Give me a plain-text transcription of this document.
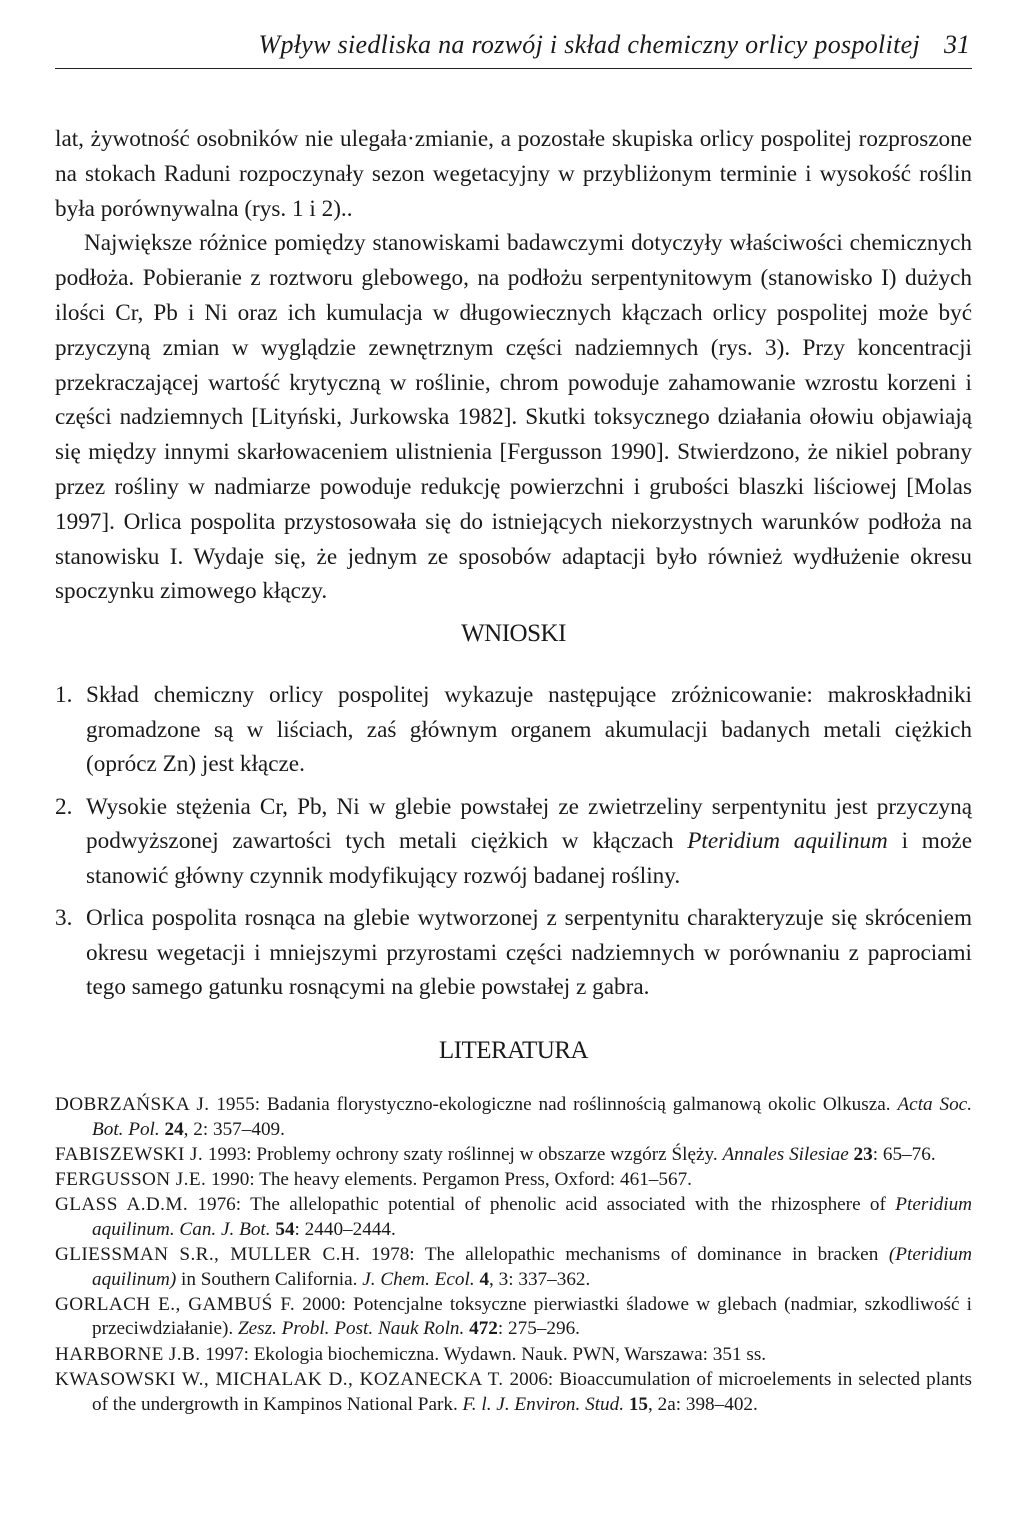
Wpływ siedliska na rozwój i skład chemiczny orlicy pospolitej 31

lat, żywotność osobników nie ulegała·zmianie, a pozostałe skupiska orlicy pospolitej rozproszone na stokach Raduni rozpoczynały sezon wegetacyjny w przybliżonym terminie i wysokość roślin była porównywalna (rys. 1 i 2)..

Największe różnice pomiędzy stanowiskami badawczymi dotyczyły właściwości chemicznych podłoża. Pobieranie z roztworu glebowego, na podłożu serpentynitowym (stanowisko I) dużych ilości Cr, Pb i Ni oraz ich kumulacja w długowiecznych kłączach orlicy pospolitej może być przyczyną zmian w wyglądzie zewnętrznym części nadziemnych (rys. 3). Przy koncentracji przekraczającej wartość krytyczną w roślinie, chrom powoduje zahamowanie wzrostu korzeni i części nadziemnych [Lityński, Jurkowska 1982]. Skutki toksycznego działania ołowiu objawiają się między innymi skarłowaceniem ulistnienia [Fergusson 1990]. Stwierdzono, że nikiel pobrany przez rośliny w nadmiarze powoduje redukcję powierzchni i grubości blaszki liściowej [Molas 1997]. Orlica pospolita przystosowała się do istniejących niekorzystnych warunków podłoża na stanowisku I. Wydaje się, że jednym ze sposobów adaptacji było również wydłużenie okresu spoczynku zimowego kłączy.

WNIOSKI
1. Skład chemiczny orlicy pospolitej wykazuje następujące zróżnicowanie: makroskładniki gromadzone są w liściach, zaś głównym organem akumulacji badanych metali ciężkich (oprócz Zn) jest kłącze.
2. Wysokie stężenia Cr, Pb, Ni w glebie powstałej ze zwietrzeliny serpentynitu jest przyczyną podwyższonej zawartości tych metali ciężkich w kłączach Pteridium aquilinum i może stanowić główny czynnik modyfikujący rozwój badanej rośliny.
3. Orlica pospolita rosnąca na glebie wytworzonej z serpentynitu charakteryzuje się skróceniem okresu wegetacji i mniejszymi przyrostami części nadziemnych w porównaniu z paprociami tego samego gatunku rosnącymi na glebie powstałej z gabra.
LITERATURA
DOBRZAŃSKA J. 1955: Badania florystyczno-ekologiczne nad roślinnością galmanową okolic Olkusza. Acta Soc. Bot. Pol. 24, 2: 357–409.
FABISZEWSKI J. 1993: Problemy ochrony szaty roślinnej w obszarze wzgórz Ślęży. Annales Silesiae 23: 65–76.
FERGUSSON J.E. 1990: The heavy elements. Pergamon Press, Oxford: 461–567.
GLASS A.D.M. 1976: The allelopathic potential of phenolic acid associated with the rhizosphere of Pteridium aquilinum. Can. J. Bot. 54: 2440–2444.
GLIESSMAN S.R., MULLER C.H. 1978: The allelopathic mechanisms of dominance in bracken (Pteridium aquilinum) in Southern California. J. Chem. Ecol. 4, 3: 337–362.
GORLACH E., GAMBUŚ F. 2000: Potencjalne toksyczne pierwiastki śladowe w glebach (nadmiar, szkodliwość i przeciwdziałanie). Zesz. Probl. Post. Nauk Roln. 472: 275–296.
HARBORNE J.B. 1997: Ekologia biochemiczna. Wydawn. Nauk. PWN, Warszawa: 351 ss.
KWASOWSKI W., MICHALAK D., KOZANECKA T. 2006: Bioaccumulation of microelements in selected plants of the undergrowth in Kampinos National Park. F. l. J. Environ. Stud. 15, 2a: 398–402.
